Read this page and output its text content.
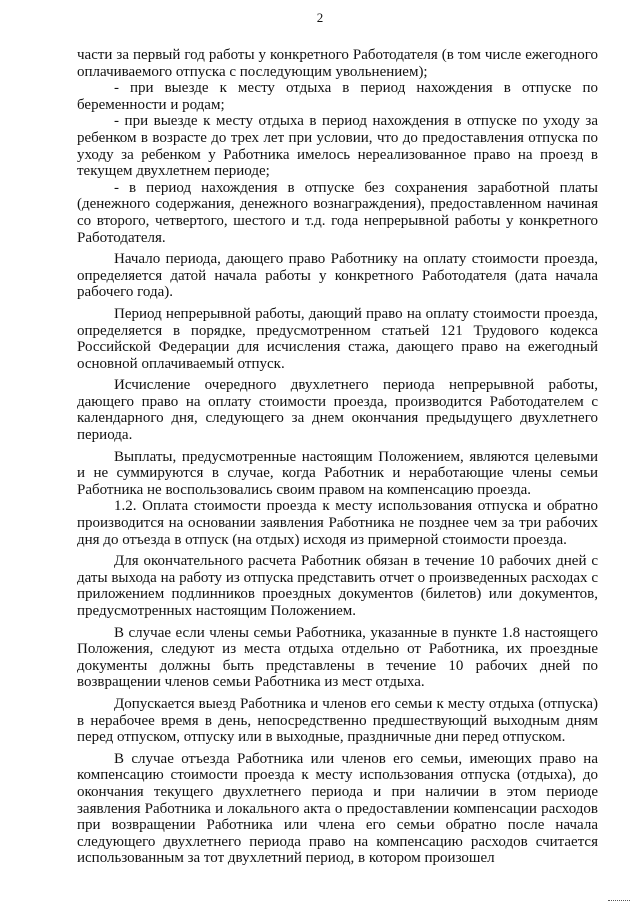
2

части за первый год работы у конкретного Работодателя (в том числе ежегодного оплачиваемого отпуска с последующим увольнением);

- при выезде к месту отдыха в период нахождения в отпуске по беременности и родам;

- при выезде к месту отдыха в период нахождения в отпуске по уходу за ребенком в возрасте до трех лет при условии, что до предоставления отпуска по уходу за ребенком у Работника имелось нереализованное право на проезд в текущем двухлетнем периоде;

- в период нахождения в отпуске без сохранения заработной платы (денежного содержания, денежного вознаграждения), предоставленном начиная со второго, четвертого, шестого и т.д. года непрерывной работы у конкретного Работодателя.

Начало периода, дающего право Работнику на оплату стоимости проезда, определяется датой начала работы у конкретного Работодателя (дата начала рабочего года).

Период непрерывной работы, дающий право на оплату стоимости проезда, определяется в порядке, предусмотренном статьей 121 Трудового кодекса Российской Федерации для исчисления стажа, дающего право на ежегодный основной оплачиваемый отпуск.

Исчисление очередного двухлетнего периода непрерывной работы, дающего право на оплату стоимости проезда, производится Работодателем с календарного дня, следующего за днем окончания предыдущего двухлетнего периода.

Выплаты, предусмотренные настоящим Положением, являются целевыми и не суммируются в случае, когда Работник и неработающие члены семьи Работника не воспользовались своим правом на компенсацию проезда.

1.2. Оплата стоимости проезда к месту использования отпуска и обратно производится на основании заявления Работника не позднее чем за три рабочих дня до отъезда в отпуск (на отдых) исходя из примерной стоимости проезда.

Для окончательного расчета Работник обязан в течение 10 рабочих дней с даты выхода на работу из отпуска представить отчет о произведенных расходах с приложением подлинников проездных документов (билетов) или документов, предусмотренных настоящим Положением.

В случае если члены семьи Работника, указанные в пункте 1.8 настоящего Положения, следуют из места отдыха отдельно от Работника, их проездные документы должны быть представлены в течение 10 рабочих дней по возвращении членов семьи Работника из мест отдыха.

Допускается выезд Работника и членов его семьи к месту отдыха (отпуска) в нерабочее время в день, непосредственно предшествующий выходным дням перед отпуском, отпуску или в выходные, праздничные дни перед отпуском.

В случае отъезда Работника или членов его семьи, имеющих право на компенсацию стоимости проезда к месту использования отпуска (отдыха), до окончания текущего двухлетнего периода и при наличии в этом периоде заявления Работника и локального акта о предоставлении компенсации расходов при возвращении Работника или члена его семьи обратно после начала следующего двухлетнего периода право на компенсацию расходов считается использованным за тот двухлетний период, в котором произошел
